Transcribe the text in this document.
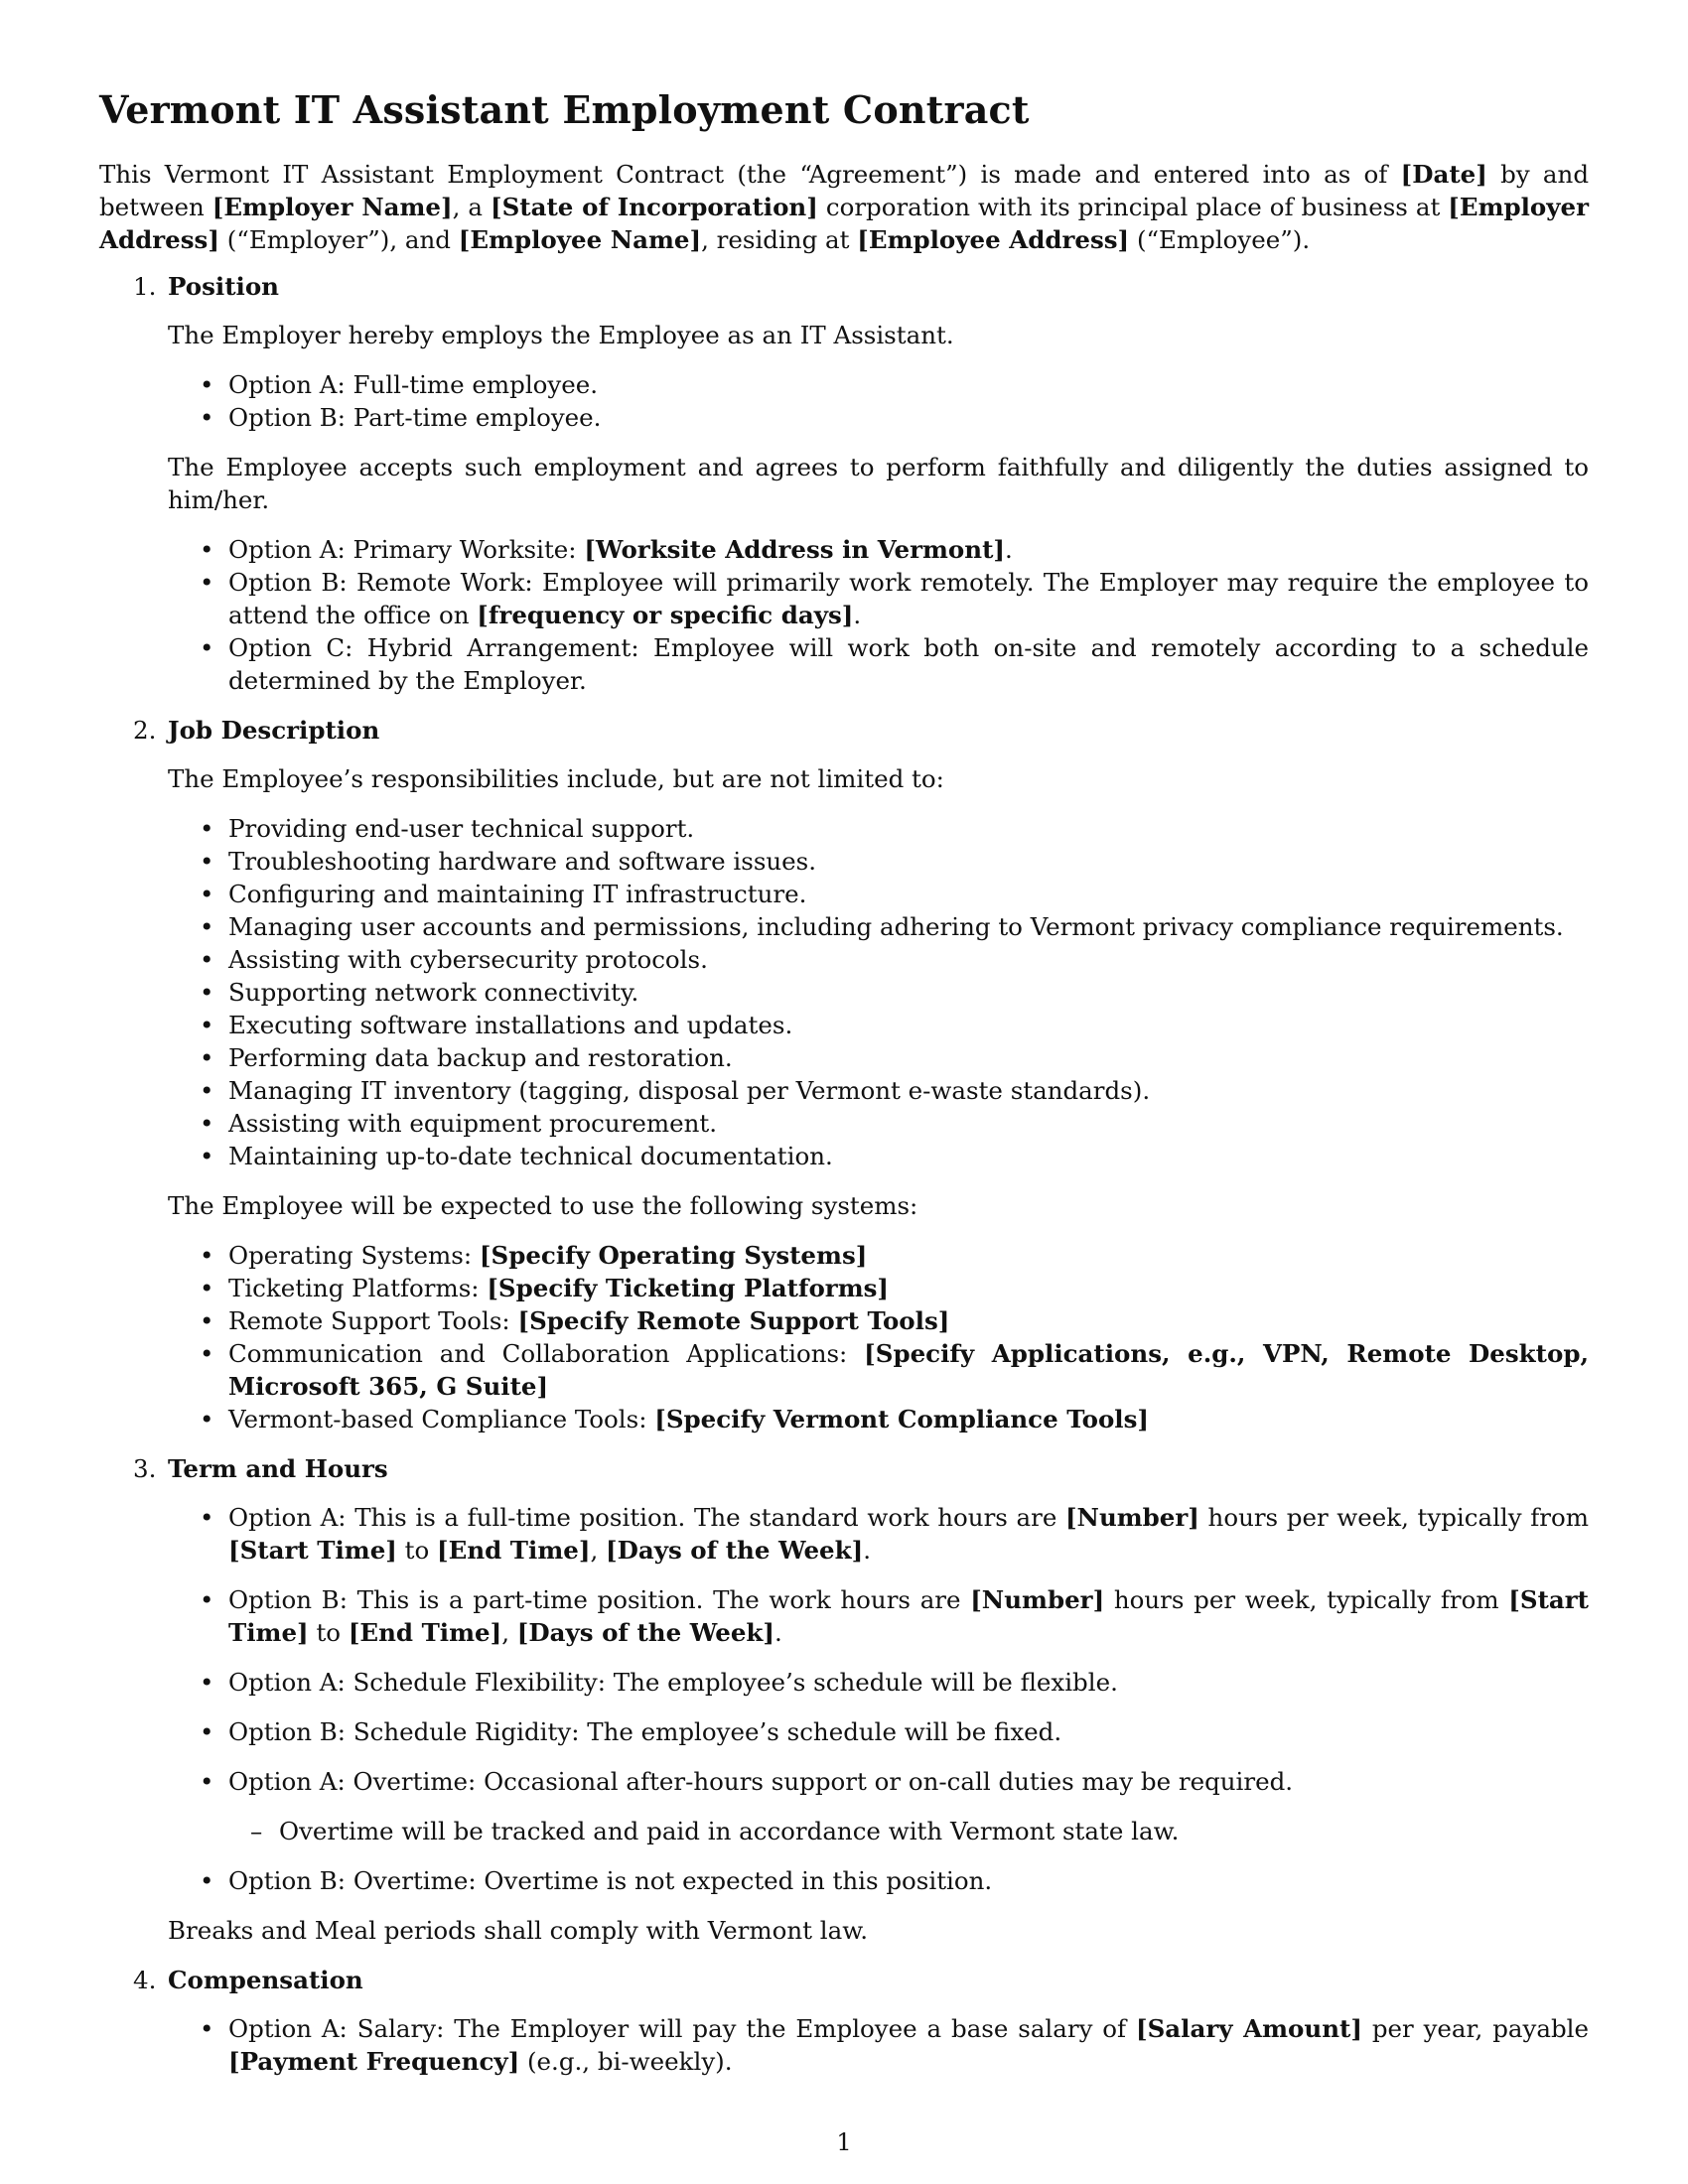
Vermont IT Assistant Employment Contract

This Vermont IT Assistant Employment Contract (the “Agreement”) is made and entered into as of [Date] by and between [Employer Name], a [State of Incorporation] corporation with its principal place of business at [Employer Address] (“Employer”), and [Employee Name], residing at [Employee Address] (“Employee”).

1. Position

The Employer hereby employs the Employee as an IT Assistant.

• Option A: Full-time employee.
• Option B: Part-time employee.

The Employee accepts such employment and agrees to perform faithfully and diligently the duties assigned to him/her.

• Option A: Primary Worksite: [Worksite Address in Vermont].
• Option B: Remote Work: Employee will primarily work remotely. The Employer may require the employee to attend the office on [frequency or specific days].
• Option C: Hybrid Arrangement: Employee will work both on-site and remotely according to a schedule determined by the Employer.
2. Job Description

The Employee’s responsibilities include, but are not limited to:

• Providing end-user technical support.
• Troubleshooting hardware and software issues.
• Configuring and maintaining IT infrastructure.
• Managing user accounts and permissions, including adhering to Vermont privacy compliance requirements.
• Assisting with cybersecurity protocols.
• Supporting network connectivity.
• Executing software installations and updates.
• Performing data backup and restoration.
• Managing IT inventory (tagging, disposal per Vermont e-waste standards).
• Assisting with equipment procurement.
• Maintaining up-to-date technical documentation.

The Employee will be expected to use the following systems:

• Operating Systems: [Specify Operating Systems]
• Ticketing Platforms: [Specify Ticketing Platforms]
• Remote Support Tools: [Specify Remote Support Tools]
• Communication and Collaboration Applications: [Specify Applications, e.g., VPN, Remote Desktop, Microsoft 365, G Suite]
• Vermont-based Compliance Tools: [Specify Vermont Compliance Tools]
3. Term and Hours
• Option A: This is a full-time position. The standard work hours are [Number] hours per week, typically from [Start Time] to [End Time], [Days of the Week].
• Option B: This is a part-time position. The work hours are [Number] hours per week, typically from [Start Time] to [End Time], [Days of the Week].
• Option A: Schedule Flexibility: The employee’s schedule will be flexible.
• Option B: Schedule Rigidity: The employee’s schedule will be fixed.
• Option A: Overtime: Occasional after-hours support or on-call duties may be required.
– Overtime will be tracked and paid in accordance with Vermont state law.
• Option B: Overtime: Overtime is not expected in this position.

Breaks and Meal periods shall comply with Vermont law.

4. Compensation
• Option A: Salary: The Employer will pay the Employee a base salary of [Salary Amount] per year, payable [Payment Frequency] (e.g., bi-weekly).
1
